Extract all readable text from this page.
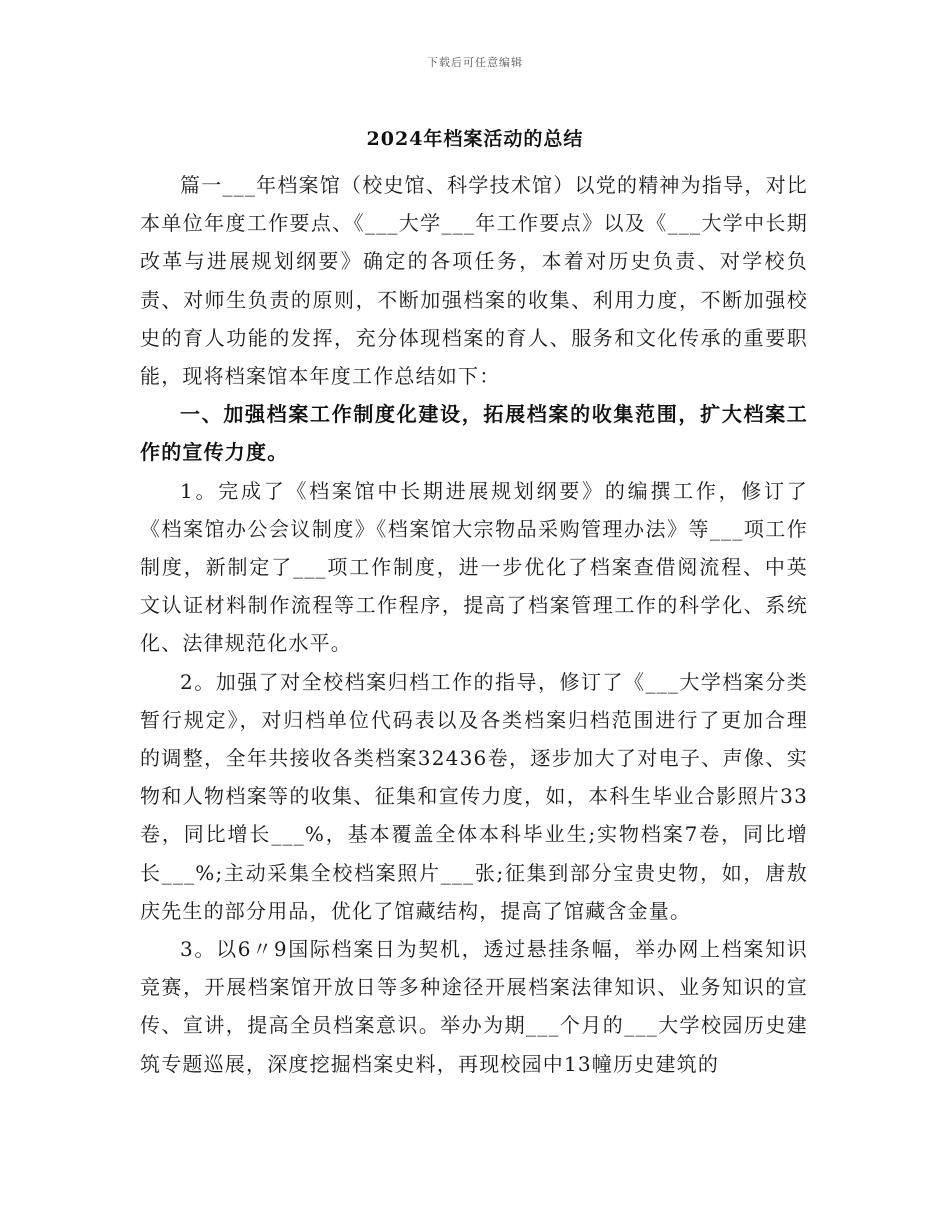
下载后可任意编辑
2024年档案活动的总结

篇一___年档案馆（校史馆、科学技术馆）以党的精神为指导，对比本单位年度工作要点、《___大学___年工作要点》以及《___大学中长期改革与进展规划纲要》确定的各项任务，本着对历史负责、对学校负责、对师生负责的原则，不断加强档案的收集、利用力度，不断加强校史的育人功能的发挥，充分体现档案的育人、服务和文化传承的重要职能，现将档案馆本年度工作总结如下：

一、加强档案工作制度化建设，拓展档案的收集范围，扩大档案工作的宣传力度。

1。完成了《档案馆中长期进展规划纲要》的编撰工作，修订了《档案馆办公会议制度》《档案馆大宗物品采购管理办法》等___项工作制度，新制定了___项工作制度，进一步优化了档案查借阅流程、中英文认证材料制作流程等工作程序，提高了档案管理工作的科学化、系统化、法律规范化水平。

2。加强了对全校档案归档工作的指导，修订了《___大学档案分类暂行规定》，对归档单位代码表以及各类档案归档范围进行了更加合理的调整，全年共接收各类档案32436卷，逐步加大了对电子、声像、实物和人物档案等的收集、征集和宣传力度，如，本科生毕业合影照片33卷，同比增长___%，基本覆盖全体本科毕业生;实物档案7卷，同比增长___%;主动采集全校档案照片___张;征集到部分宝贵史物，如，唐敖庆先生的部分用品，优化了馆藏结构，提高了馆藏含金量。

3。以6〃9国际档案日为契机，透过悬挂条幅，举办网上档案知识竞赛，开展档案馆开放日等多种途径开展档案法律知识、业务知识的宣传、宣讲，提高全员档案意识。举办为期___个月的___大学校园历史建筑专题巡展，深度挖掘档案史料，再现校园中13幢历史建筑的
